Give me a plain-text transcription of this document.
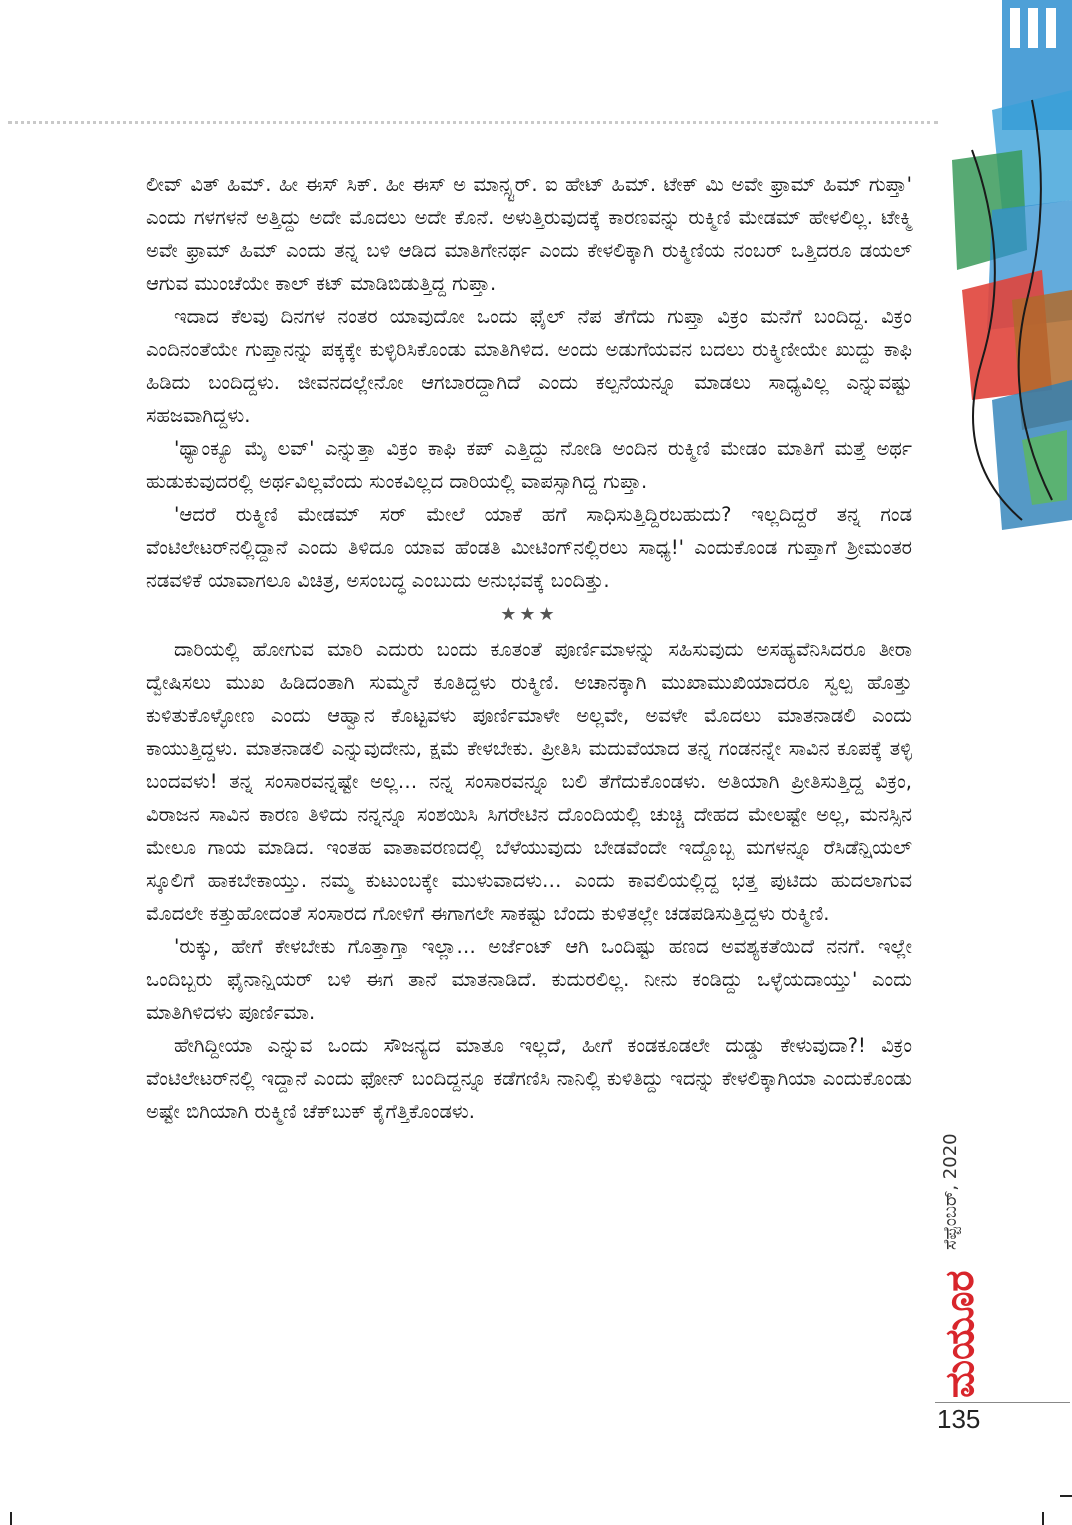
ಲೀವ್ ವಿತ್ ಹಿಮ್. ಹೀ ಈಸ್ ಸಿಕ್. ಹೀ ಈಸ್ ಅ ಮಾನ್ಸ್ಟರ್. ಐ ಹೇಟ್ ಹಿಮ್. ಟೇಕ್ ಮಿ ಅವೇ ಫ್ರಾಮ್ ಹಿಮ್ ಗುಪ್ತಾ' ಎಂದು ಗಳಗಳನೆ ಅತ್ತಿದ್ದು ಅದೇ ಮೊದಲು ಅದೇ ಕೊನೆ. ಅಳುತ್ತಿರುವುದಕ್ಕೆ ಕಾರಣವನ್ನು ರುಕ್ಮಿಣಿ ಮೇಡಮ್ ಹೇಳಲಿಲ್ಲ. ಟೇಕ್ಮಿ ಅವೇ ಫ್ರಾಮ್ ಹಿಮ್ ಎಂದು ತನ್ನ ಬಳಿ ಆಡಿದ ಮಾತಿಗೇನರ್ಥ ಎಂದು ಕೇಳಲಿಕ್ಕಾಗಿ ರುಕ್ಮಿಣಿಯ ನಂಬರ್ ಒತ್ತಿದರೂ ಡಯಲ್ ಆಗುವ ಮುಂಚೆಯೇ ಕಾಲ್ ಕಟ್ ಮಾಡಿಬಿಡುತ್ತಿದ್ದ ಗುಪ್ತಾ.

ಇದಾದ ಕೆಲವು ದಿನಗಳ ನಂತರ ಯಾವುದೋ ಒಂದು ಫೈಲ್ ನೆಪ ತೆಗೆದು ಗುಪ್ತಾ ವಿಕ್ರಂ ಮನೆಗೆ ಬಂದಿದ್ದ. ವಿಕ್ರಂ ಎಂದಿನಂತೆಯೇ ಗುಪ್ತಾನನ್ನು ಪಕ್ಕಕ್ಕೇ ಕುಳ್ಳಿರಿಸಿಕೊಂಡು ಮಾತಿಗಿಳಿದ. ಅಂದು ಅಡುಗೆಯವನ ಬದಲು ರುಕ್ಮಿಣೀಯೇ ಖುದ್ದು ಕಾಫಿ ಹಿಡಿದು ಬಂದಿದ್ದಳು. ಜೀವನದಲ್ಲೇನೋ ಆಗಬಾರದ್ದಾಗಿದೆ ಎಂದು ಕಲ್ಪನೆಯನ್ನೂ ಮಾಡಲು ಸಾಧ್ಯವಿಲ್ಲ ಎನ್ನುವಷ್ಟು ಸಹಜವಾಗಿದ್ದಳು.

'ಥ್ಯಾಂಕ್ಯೂ ಮೈ ಲವ್' ಎನ್ನುತ್ತಾ ವಿಕ್ರಂ ಕಾಫಿ ಕಪ್ ಎತ್ತಿದ್ದು ನೋಡಿ ಅಂದಿನ ರುಕ್ಮಿಣಿ ಮೇಡಂ ಮಾತಿಗೆ ಮತ್ತೆ ಅರ್ಥ ಹುಡುಕುವುದರಲ್ಲಿ ಅರ್ಥವಿಲ್ಲವೆಂದು ಸುಂಕವಿಲ್ಲದ ದಾರಿಯಲ್ಲಿ ವಾಪಸ್ಸಾಗಿದ್ದ ಗುಪ್ತಾ.

'ಆದರೆ ರುಕ್ಮಿಣಿ ಮೇಡಮ್ ಸರ್ ಮೇಲೆ ಯಾಕೆ ಹಗೆ ಸಾಧಿಸುತ್ತಿದ್ದಿರಬಹುದು? ಇಲ್ಲದಿದ್ದರೆ ತನ್ನ ಗಂಡ ವೆಂಟಿಲೇಟರ್‌ನಲ್ಲಿದ್ದಾನೆ ಎಂದು ತಿಳಿದೂ ಯಾವ ಹೆಂಡತಿ ಮೀಟಿಂಗ್‌ನಲ್ಲಿರಲು ಸಾಧ್ಯ!' ಎಂದುಕೊಂಡ ಗುಪ್ತಾಗೆ ಶ್ರೀಮಂತರ ನಡವಳಿಕೆ ಯಾವಾಗಲೂ ವಿಚಿತ್ರ, ಅಸಂಬದ್ಧ ಎಂಬುದು ಅನುಭವಕ್ಕೆ ಬಂದಿತ್ತು.

★★★

ದಾರಿಯಲ್ಲಿ ಹೋಗುವ ಮಾರಿ ಎದುರು ಬಂದು ಕೂತಂತೆ ಪೂರ್ಣಿಮಾಳನ್ನು ಸಹಿಸುವುದು ಅಸಹ್ಯವೆನಿಸಿದರೂ ತೀರಾ ದ್ವೇಷಿಸಲು ಮುಖ ಹಿಡಿದಂತಾಗಿ ಸುಮ್ಮನೆ ಕೂತಿದ್ದಳು ರುಕ್ಮಿಣಿ. ಅಚಾನಕ್ಕಾಗಿ ಮುಖಾಮುಖಿಯಾದರೂ ಸ್ವಲ್ಪ ಹೊತ್ತು ಕುಳಿತುಕೊಳ್ಳೋಣ ಎಂದು ಆಹ್ವಾನ ಕೊಟ್ಟವಳು ಪೂರ್ಣಿಮಾಳೇ ಅಲ್ಲವೇ, ಅವಳೇ ಮೊದಲು ಮಾತನಾಡಲಿ ಎಂದು ಕಾಯುತ್ತಿದ್ದಳು. ಮಾತನಾಡಲಿ ಎನ್ನುವುದೇನು, ಕ್ಷಮೆ ಕೇಳಬೇಕು. ಪ್ರೀತಿಸಿ ಮದುವೆಯಾದ ತನ್ನ ಗಂಡನನ್ನೇ ಸಾವಿನ ಕೂಪಕ್ಕೆ ತಳ್ಳಿ ಬಂದವಳು! ತನ್ನ ಸಂಸಾರವನ್ನಷ್ಟೇ ಅಲ್ಲ… ನನ್ನ ಸಂಸಾರವನ್ನೂ ಬಲಿ ತೆಗೆದುಕೊಂಡಳು. ಅತಿಯಾಗಿ ಪ್ರೀತಿಸುತ್ತಿದ್ದ ವಿಕ್ರಂ, ವಿರಾಜನ ಸಾವಿನ ಕಾರಣ ತಿಳಿದು ನನ್ನನ್ನೂ ಸಂಶಯಿಸಿ ಸಿಗರೇಟಿನ ದೊಂದಿಯಲ್ಲಿ ಚುಚ್ಚಿ ದೇಹದ ಮೇಲಷ್ಟೇ ಅಲ್ಲ, ಮನಸ್ಸಿನ ಮೇಲೂ ಗಾಯ ಮಾಡಿದ. ಇಂತಹ ವಾತಾವರಣದಲ್ಲಿ ಬೆಳೆಯುವುದು ಬೇಡವೆಂದೇ ಇದ್ದೊಬ್ಬ ಮಗಳನ್ನೂ ರೆಸಿಡೆನ್ಷಿಯಲ್ ಸ್ಕೂಲಿಗೆ ಹಾಕಬೇಕಾಯ್ತು. ನಮ್ಮ ಕುಟುಂಬಕ್ಕೇ ಮುಳುವಾದಳು… ಎಂದು ಕಾವಲಿಯಲ್ಲಿದ್ದ ಭತ್ತ ಪುಟಿದು ಹುದಲಾಗುವ ಮೊದಲೇ ಕತ್ತುಹೋದಂತೆ ಸಂಸಾರದ ಗೋಳಿಗೆ ಈಗಾಗಲೇ ಸಾಕಷ್ಟು ಬೆಂದು ಕುಳಿತಲ್ಲೇ ಚಡಪಡಿಸುತ್ತಿದ್ದಳು ರುಕ್ಮಿಣಿ.

'ರುಕ್ಕು, ಹೇಗೆ ಕೇಳಬೇಕು ಗೊತ್ತಾಗ್ತಾ ಇಲ್ಲಾ… ಅರ್ಜೆಂಟ್ ಆಗಿ ಒಂದಿಷ್ಟು ಹಣದ ಅವಶ್ಯಕತೆಯಿದೆ ನನಗೆ. ಇಲ್ಲೇ ಒಂದಿಬ್ಬರು ಫೈನಾನ್ಷಿಯರ್ ಬಳಿ ಈಗ ತಾನೆ ಮಾತನಾಡಿದೆ. ಕುದುರಲಿಲ್ಲ. ನೀನು ಕಂಡಿದ್ದು ಒಳ್ಳೆಯದಾಯ್ತು' ಎಂದು ಮಾತಿಗಿಳಿದಳು ಪೂರ್ಣಿಮಾ.

ಹೇಗಿದ್ದೀಯಾ ಎನ್ನುವ ಒಂದು ಸೌಜನ್ಯದ ಮಾತೂ ಇಲ್ಲದೆ, ಹೀಗೆ ಕಂಡಕೂಡಲೇ ದುಡ್ಡು ಕೇಳುವುದಾ?! ವಿಕ್ರಂ ವೆಂಟಿಲೇಟರ್‌ನಲ್ಲಿ ಇದ್ದಾನೆ ಎಂದು ಫೋನ್ ಬಂದಿದ್ದನ್ನೂ ಕಡೆಗಣಿಸಿ ನಾನಿಲ್ಲಿ ಕುಳಿತಿದ್ದು ಇದನ್ನು ಕೇಳಲಿಕ್ಕಾಗಿಯಾ ಎಂದುಕೊಂಡು ಅಷ್ಟೇ ಬಿಗಿಯಾಗಿ ರುಕ್ಮಿಣಿ ಚೆಕ್‌ಬುಕ್ ಕೈಗೆತ್ತಿಕೊಂಡಳು.

ಸೆಪ್ಟೆಂಬರ್, 2020
ಮಯೂರ
135
